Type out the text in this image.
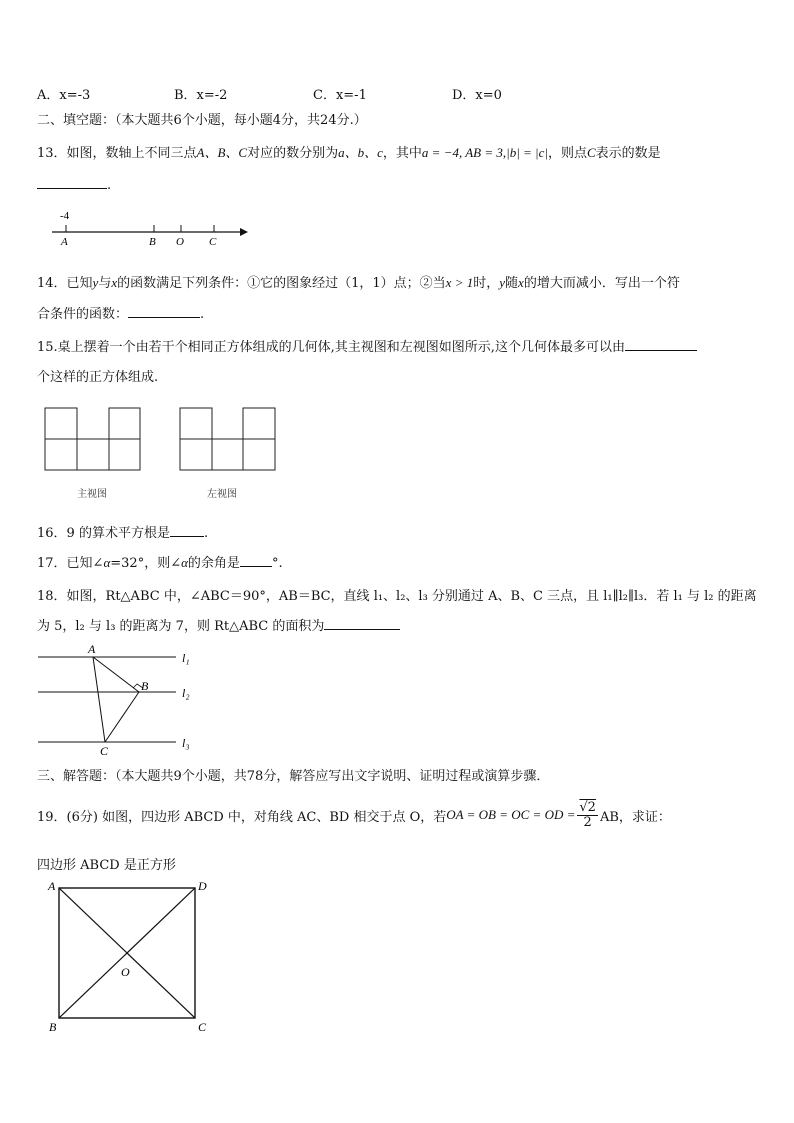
A．x=-3	B．x=-2	C．x=-1	D．x=0
二、填空题：（本大题共6个小题，每小题4分，共24分.）
13．如图，数轴上不同三点A、B、C对应的数分别为a、b、c，其中a = −4, AB = 3,|b| = |c|，则点C表示的数是
.
-4
A	B O C
14．已知y与x的函数满足下列条件：①它的图象经过（1，1）点；②当x > 1时，y随x的增大而减小．写出一个符
合条件的函数：	.
15.桌上摆着一个由若干个相同正方体组成的几何体,其主视图和左视图如图所示,这个几何体最多可以由
个这样的正方体组成.
主视图	左视图
16．9 的算术平方根是	.
17．已知∠α=32°，则∠α的余角是 °.
18．如图，Rt△ABC 中，∠ABC＝90°，AB＝BC，直线 l₁、l₂、l₃ 分别通过 A、B、C 三点，且 l₁∥l₂∥l₃．若 l₁ 与 l₂ 的距离
为 5，l₂ 与 l₃ 的距离为 7，则 Rt△ABC 的面积为
A
B
C
l₁
l₂
l₃
三、解答题：（本大题共9个小题，共78分，解答应写出文字说明、证明过程或演算步骤．
19．(6分) 如图，四边形 ABCD 中，对角线 AC、BD 相交于点 O，若 OA = OB = OC = OD = $\frac{√2}{2}$ AB，求证：
四边形 ABCD 是正方形
A	D
B	C
O
